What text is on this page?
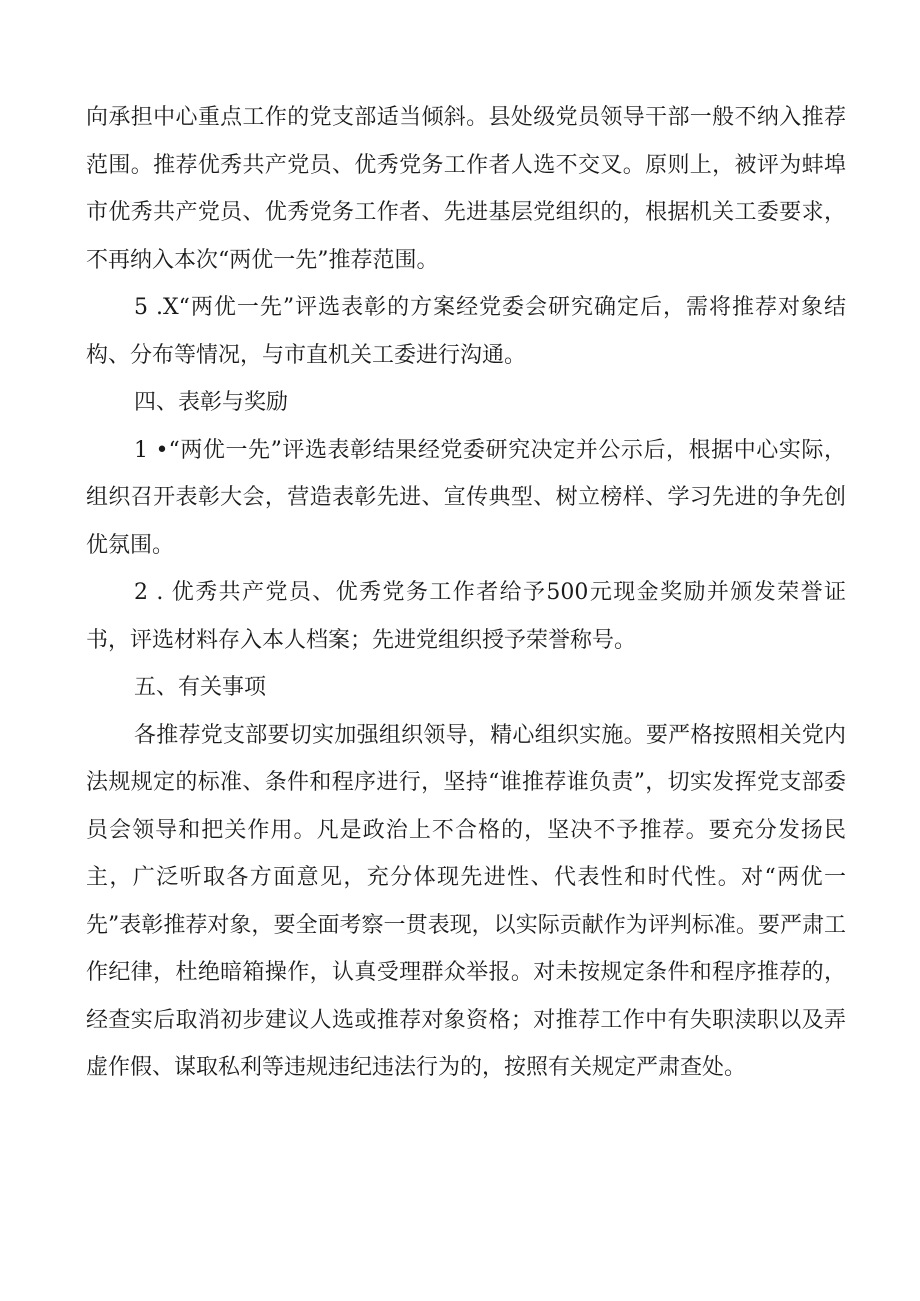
向承担中心重点工作的党支部适当倾斜。县处级党员领导干部一般不纳入推荐范围。推荐优秀共产党员、优秀党务工作者人选不交叉。原则上，被评为蚌埠市优秀共产党员、优秀党务工作者、先进基层党组织的，根据机关工委要求，不再纳入本次“两优一先”推荐范围。

5 .X“两优一先”评选表彰的方案经党委会研究确定后，需将推荐对象结构、分布等情况，与市直机关工委进行沟通。

四、表彰与奖励

1 •“两优一先”评选表彰结果经党委研究决定并公示后，根据中心实际，组织召开表彰大会，营造表彰先进、宣传典型、树立榜样、学习先进的争先创优氛围。

2 . 优秀共产党员、优秀党务工作者给予500元现金奖励并颁发荣誉证书，评选材料存入本人档案；先进党组织授予荣誉称号。

五、有关事项

各推荐党支部要切实加强组织领导，精心组织实施。要严格按照相关党内法规规定的标准、条件和程序进行，坚持“谁推荐谁负责”，切实发挥党支部委员会领导和把关作用。凡是政治上不合格的，坚决不予推荐。要充分发扬民主，广泛听取各方面意见，充分体现先进性、代表性和时代性。对“两优一先”表彰推荐对象，要全面考察一贯表现，以实际贡献作为评判标准。要严肃工作纪律，杜绝暗箱操作，认真受理群众举报。对未按规定条件和程序推荐的，经查实后取消初步建议人选或推荐对象资格；对推荐工作中有失职渎职以及弄虚作假、谋取私利等违规违纪违法行为的，按照有关规定严肃查处。
